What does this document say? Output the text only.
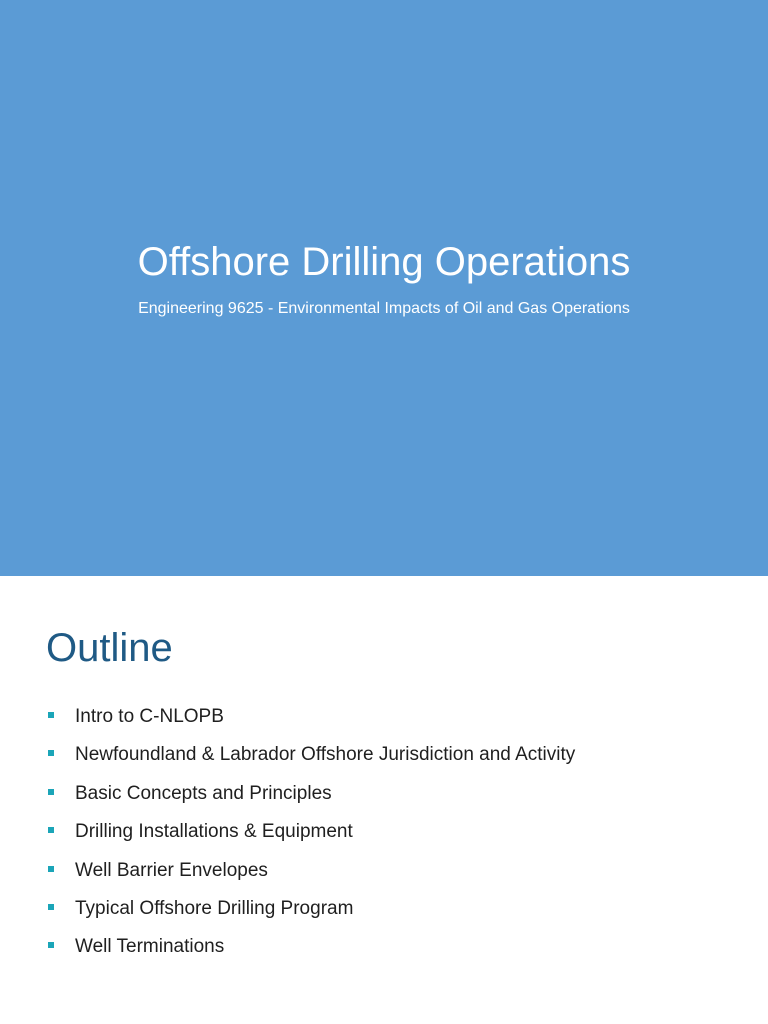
Offshore Drilling Operations
Engineering 9625 - Environmental Impacts of Oil and Gas Operations
Outline
Intro to C-NLOPB
Newfoundland & Labrador Offshore Jurisdiction and Activity
Basic Concepts and Principles
Drilling Installations & Equipment
Well Barrier Envelopes
Typical Offshore Drilling Program
Well Terminations
